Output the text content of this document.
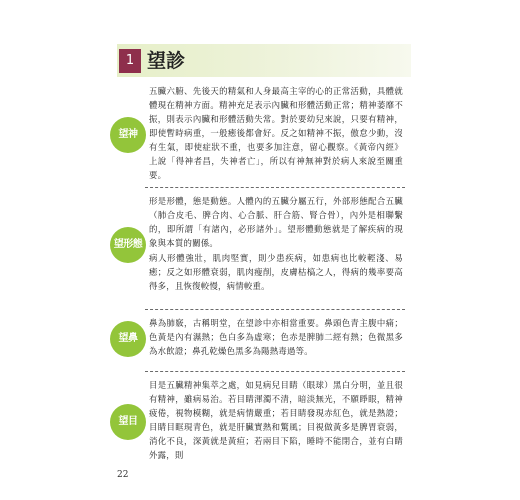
1 望診
望神

五臟六腑、先後天的精氣和人身最高主宰的心的正常活動，具體就體現在精神方面。精神充足表示內臟和形體活動正常；精神萎靡不振，則表示內臟和形體活動失常。對於要幼兒來說，只要有精神，即使暫時病重，一般癒後都會好。反之如精神不振，傲怠少動，沒有生氣，即使症狀不重，也要多加注意，留心觀察。《黃帝內經》上說「得神者昌，失神者亡」，所以有神無神對於病人來說至關重要。

望形態

形是形體，態是動態。人體內的五臟分屬五行，外部形態配合五臟（肺合皮毛、脾合肉、心合脈、肝合筋、腎合骨），內外是相聯繫的，即所謂「有諸內，必形諸外」。望形體動態就是了解疾病的現象與本質的關係。

病人形體強壯，肌肉堅實，則少患疾病，如患病也比較輕淺、易癒；反之如形體衰弱，肌肉瘦削，皮膚枯槁之人，得病的幾率要高得多，且恢復較慢，病情較重。

望鼻

鼻為肺竅，古稱明堂，在望診中亦相當重要。鼻頭色青主腹中痛；色黃是內有濕熱；色白多為虛寒；色赤是脾肺二經有熱；色微黑多為水飲證；鼻孔乾燥色黑多為陽熱毒過等。

望目

目是五臟精神集萃之處，如見病兒目睛（眼球）黑白分明，並且很有精神，雖病易治。若目睛渾濁不清，暗淡無光，不願睜眼，精神疲倦，視物模糊，就是病情嚴重；若目睛發現赤紅色，就是熱證；目睛目眶現青色，就是肝臟實熱和驚風；目視做黃多是脾胃衰弱，消化不良，深黃就是黃疸；若兩目下陷，睡時不能閉合，並有白睛外露，則

22
